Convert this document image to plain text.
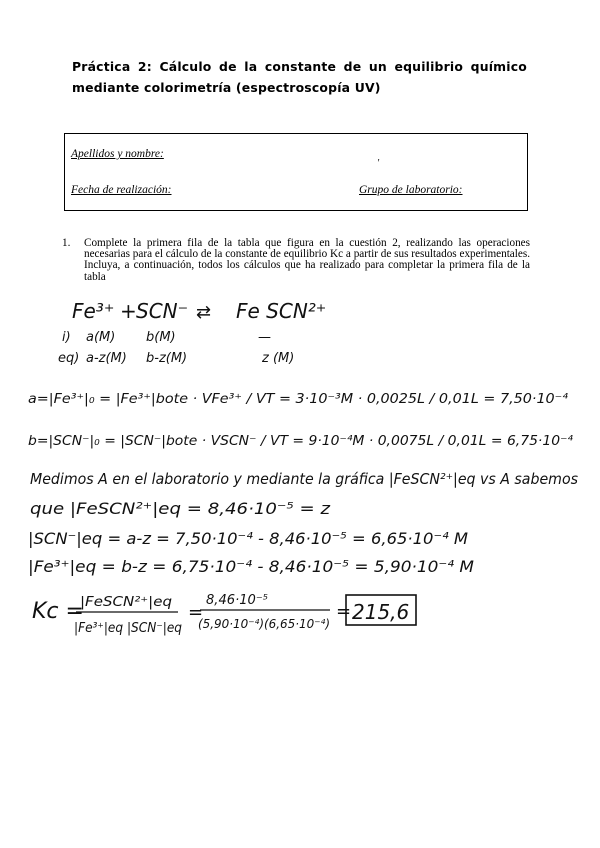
Práctica 2: Cálculo de la constante de un equilibrio químico mediante colorimetría (espectroscopía UV)
Apellidos y nombre:
ʹ
Fecha de realización:	Grupo de laboratorio:
1. Complete la primera fila de la tabla que figura en la cuestión 2, realizando las operaciones necesarias para el cálculo de la constante de equilibrio Kc a partir de sus resultados experimentales. Incluya, a continuación, todos los cálculos que ha realizado para completar la primera fila de la tabla
Fe³⁺ + SCN⁻ ⇄ Fe SCN²⁺
i) a(M) b(M)	—
eq) a-z(M) b-z(M)	z (M)
a=|Fe³⁺|₀ = |Fe³⁺|bote · VFe³⁺ / VT = 3·10⁻³M · 0,0025L / 0,01L = 7,50·10⁻⁴
b=|SCN⁻|₀ = |SCN⁻|bote · VSCN⁻ / VT = 9·10⁻⁴M · 0,0075L / 0,01L = 6,75·10⁻⁴
Medimos A en el laboratorio y mediante la gráfica |FeSCN²⁺|eq vs A sabemos
que |FeSCN²⁺|eq = 8,46·10⁻⁵ = z
|SCN⁻|eq = a-z = 7,50·10⁻⁴ - 8,46·10⁻⁵ = 6,65·10⁻⁴ M
|Fe³⁺|eq = b-z = 6,75·10⁻⁴ - 8,46·10⁻⁵ = 5,90·10⁻⁴ M
Kc =
|FeSCN²⁺|eq
|Fe³⁺|eq |SCN⁻|eq
=
8,46·10⁻⁵
(5,90·10⁻⁴)(6,65·10⁻⁴)
= 215,6
